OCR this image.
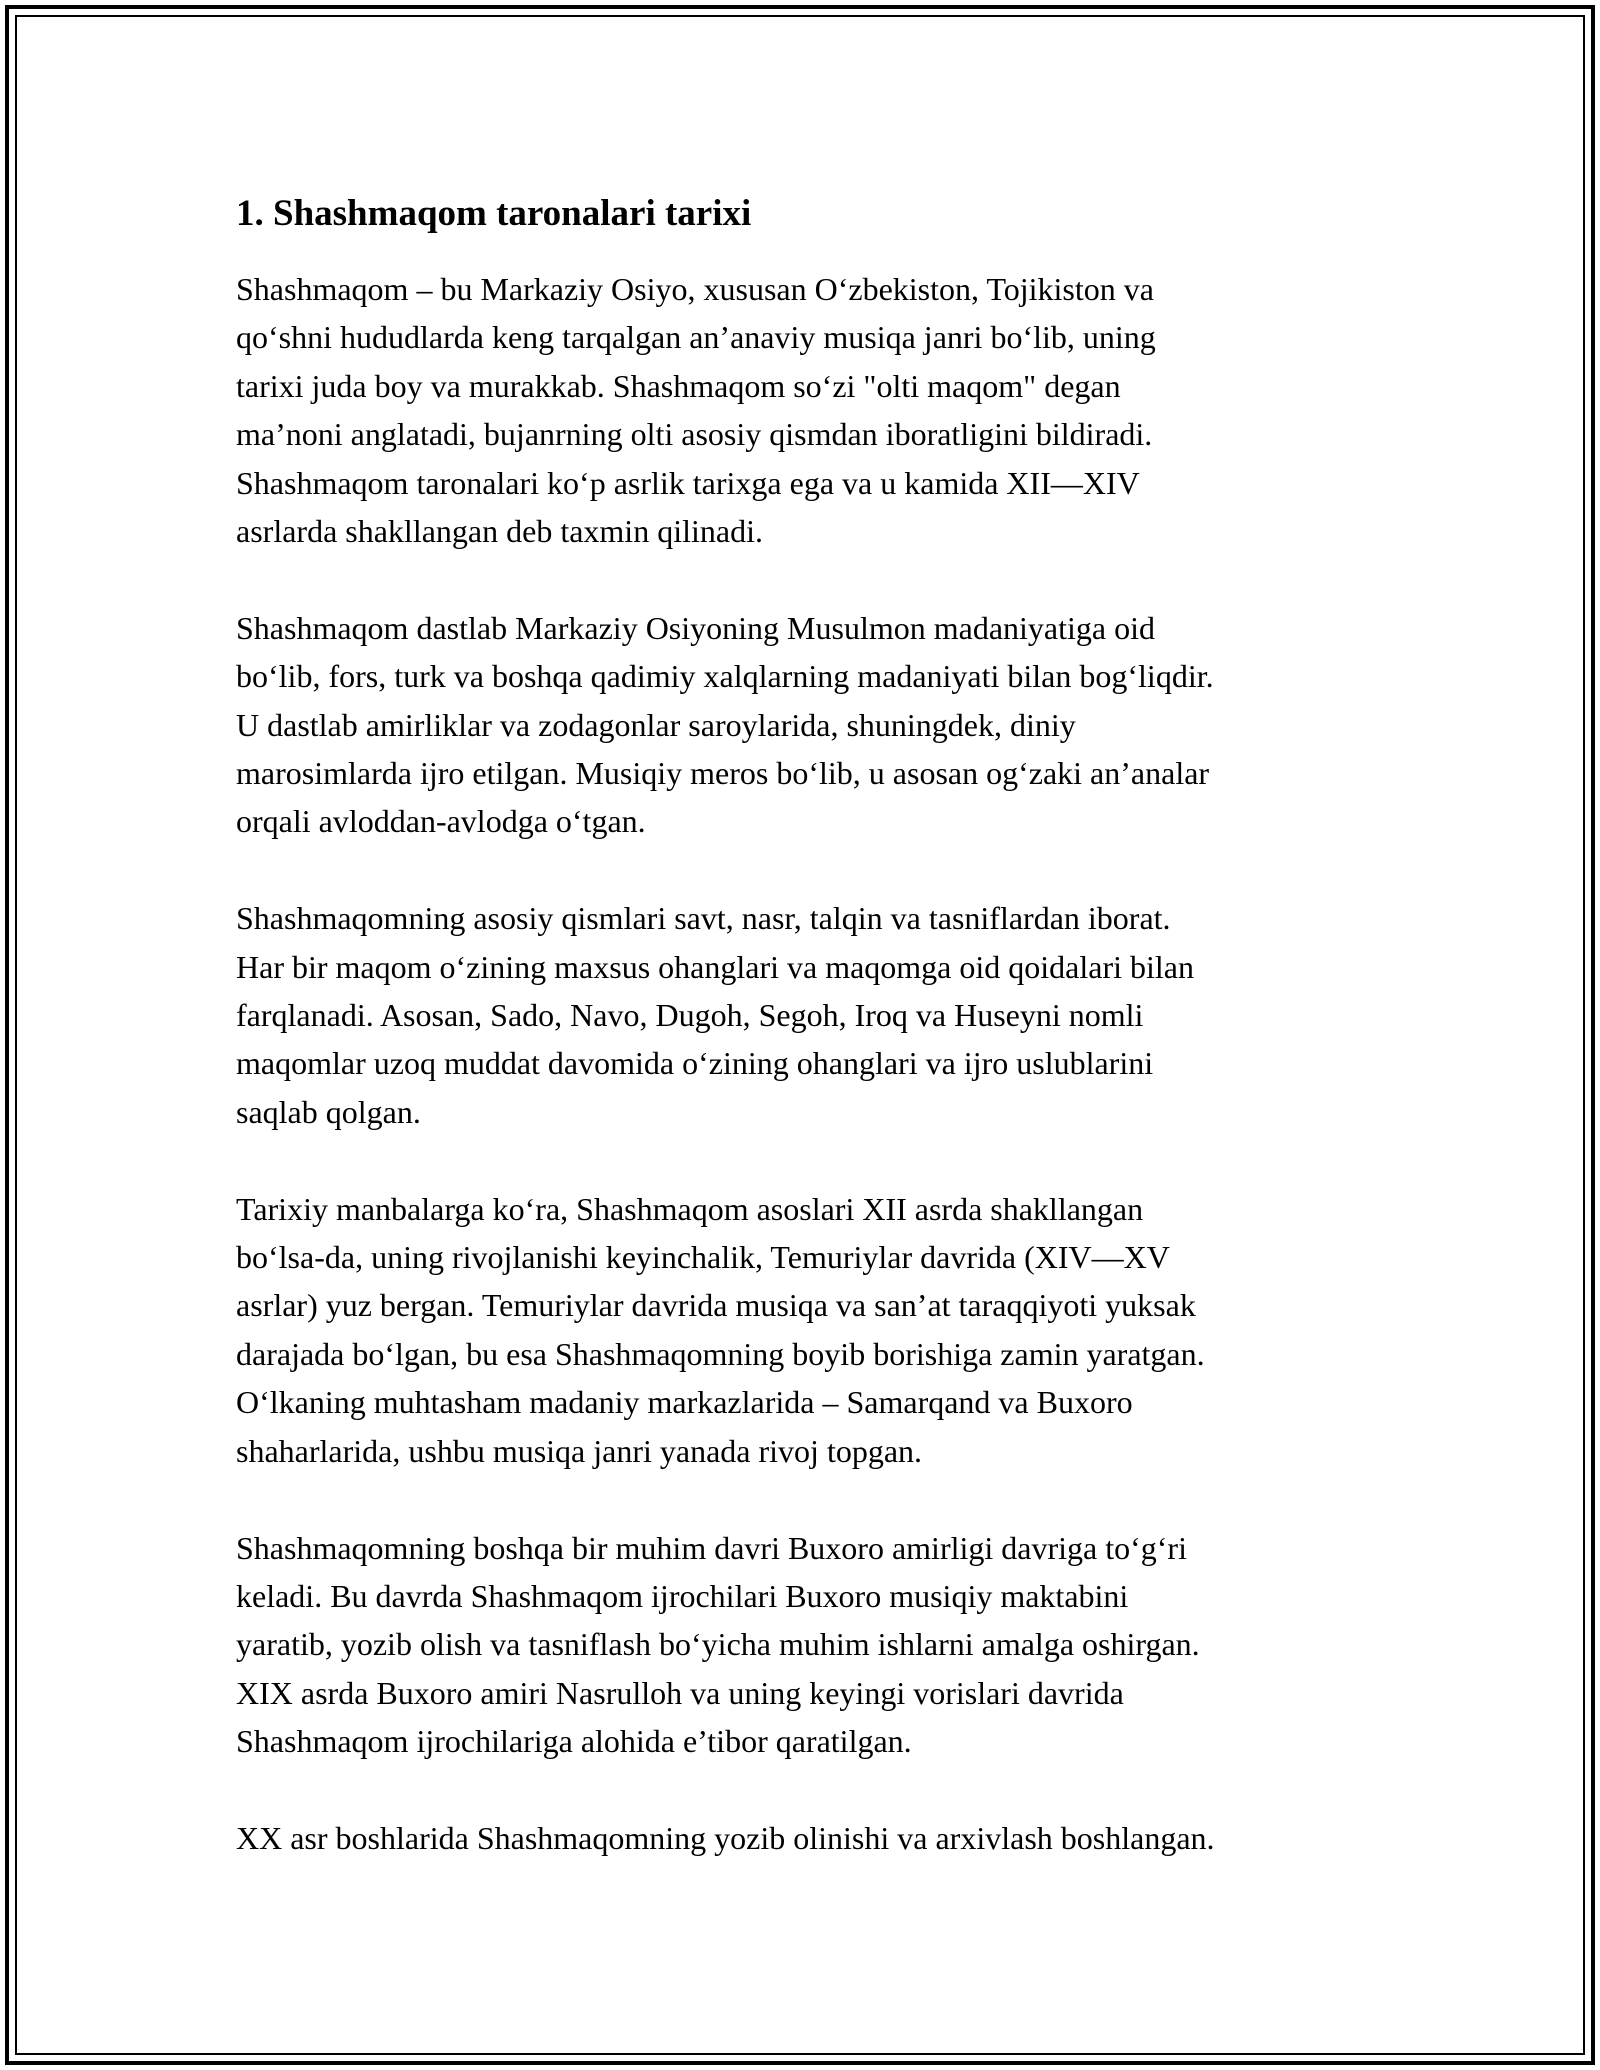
1. Shashmaqom taronalari tarixi
Shashmaqom – bu Markaziy Osiyo, xususan O‘zbekiston, Tojikiston va
qo‘shni hududlarda keng tarqalgan an’anaviy musiqa janri bo‘lib, uning
tarixi juda boy va murakkab. Shashmaqom so‘zi "olti maqom" degan
ma’noni anglatadi, bujanrning olti asosiy qismdan iboratligini bildiradi.
Shashmaqom taronalari ko‘p asrlik tarixga ega va u kamida XII—XIV
asrlarda shakllangan deb taxmin qilinadi.
Shashmaqom dastlab Markaziy Osiyoning Musulmon madaniyatiga oid
bo‘lib, fors, turk va boshqa qadimiy xalqlarning madaniyati bilan bog‘liqdir.
U dastlab amirliklar va zodagonlar saroylarida, shuningdek, diniy
marosimlarda ijro etilgan. Musiqiy meros bo‘lib, u asosan og‘zaki an’analar
orqali avloddan-avlodga o‘tgan.
Shashmaqomning asosiy qismlari savt, nasr, talqin va tasniflardan iborat.
Har bir maqom o‘zining maxsus ohanglari va maqomga oid qoidalari bilan
farqlanadi. Asosan, Sado, Navo, Dugoh, Segoh, Iroq va Huseyni nomli
maqomlar uzoq muddat davomida o‘zining ohanglari va ijro uslublarini
saqlab qolgan.
Tarixiy manbalarga ko‘ra, Shashmaqom asoslari XII asrda shakllangan
bo‘lsa-da, uning rivojlanishi keyinchalik, Temuriylar davrida (XIV—XV
asrlar) yuz bergan. Temuriylar davrida musiqa va san’at taraqqiyoti yuksak
darajada bo‘lgan, bu esa Shashmaqomning boyib borishiga zamin yaratgan.
O‘lkaning muhtasham madaniy markazlarida – Samarqand va Buxoro
shaharlarida, ushbu musiqa janri yanada rivoj topgan.
Shashmaqomning boshqa bir muhim davri Buxoro amirligi davriga to‘g‘ri
keladi. Bu davrda Shashmaqom ijrochilari Buxoro musiqiy maktabini
yaratib, yozib olish va tasniflash bo‘yicha muhim ishlarni amalga oshirgan.
XIX asrda Buxoro amiri Nasrulloh va uning keyingi vorislari davrida
Shashmaqom ijrochilariga alohida e’tibor qaratilgan.
XX asr boshlarida Shashmaqomning yozib olinishi va arxivlash boshlangan.
